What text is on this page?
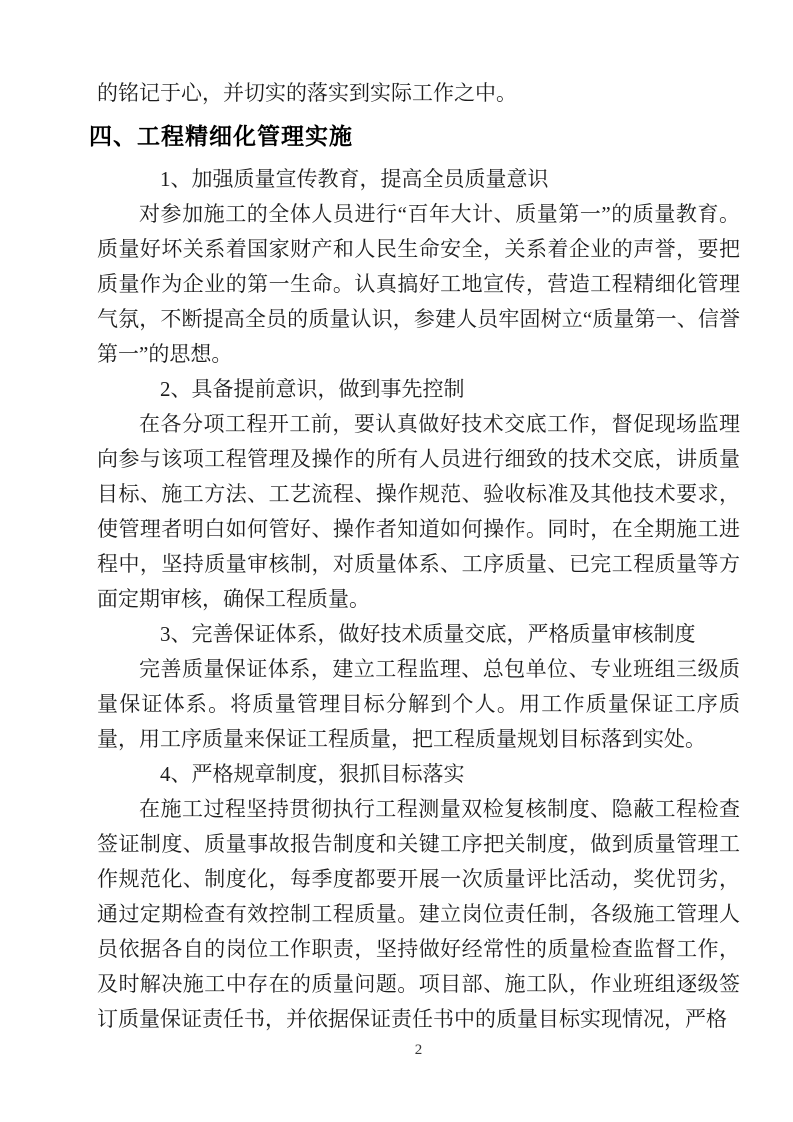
的铭记于心，并切实的落实到实际工作之中。

四、工程精细化管理实施

1、加强质量宣传教育，提高全员质量意识

对参加施工的全体人员进行“百年大计、质量第一”的质量教育。质量好坏关系着国家财产和人民生命安全，关系着企业的声誉，要把质量作为企业的第一生命。认真搞好工地宣传，营造工程精细化管理气氛，不断提高全员的质量认识，参建人员牢固树立“质量第一、信誉第一”的思想。

2、具备提前意识，做到事先控制

在各分项工程开工前，要认真做好技术交底工作，督促现场监理向参与该项工程管理及操作的所有人员进行细致的技术交底，讲质量目标、施工方法、工艺流程、操作规范、验收标准及其他技术要求，使管理者明白如何管好、操作者知道如何操作。同时，在全期施工进程中，坚持质量审核制，对质量体系、工序质量、已完工程质量等方面定期审核，确保工程质量。

3、完善保证体系，做好技术质量交底，严格质量审核制度

完善质量保证体系，建立工程监理、总包单位、专业班组三级质量保证体系。将质量管理目标分解到个人。用工作质量保证工序质量，用工序质量来保证工程质量，把工程质量规划目标落到实处。

4、严格规章制度，狠抓目标落实

在施工过程坚持贯彻执行工程测量双检复核制度、隐蔽工程检查签证制度、质量事故报告制度和关键工序把关制度，做到质量管理工作规范化、制度化，每季度都要开展一次质量评比活动，奖优罚劣，通过定期检查有效控制工程质量。建立岗位责任制，各级施工管理人员依据各自的岗位工作职责，坚持做好经常性的质量检查监督工作，及时解决施工中存在的质量问题。项目部、施工队，作业班组逐级签订质量保证责任书，并依据保证责任书中的质量目标实现情况，严格

2
